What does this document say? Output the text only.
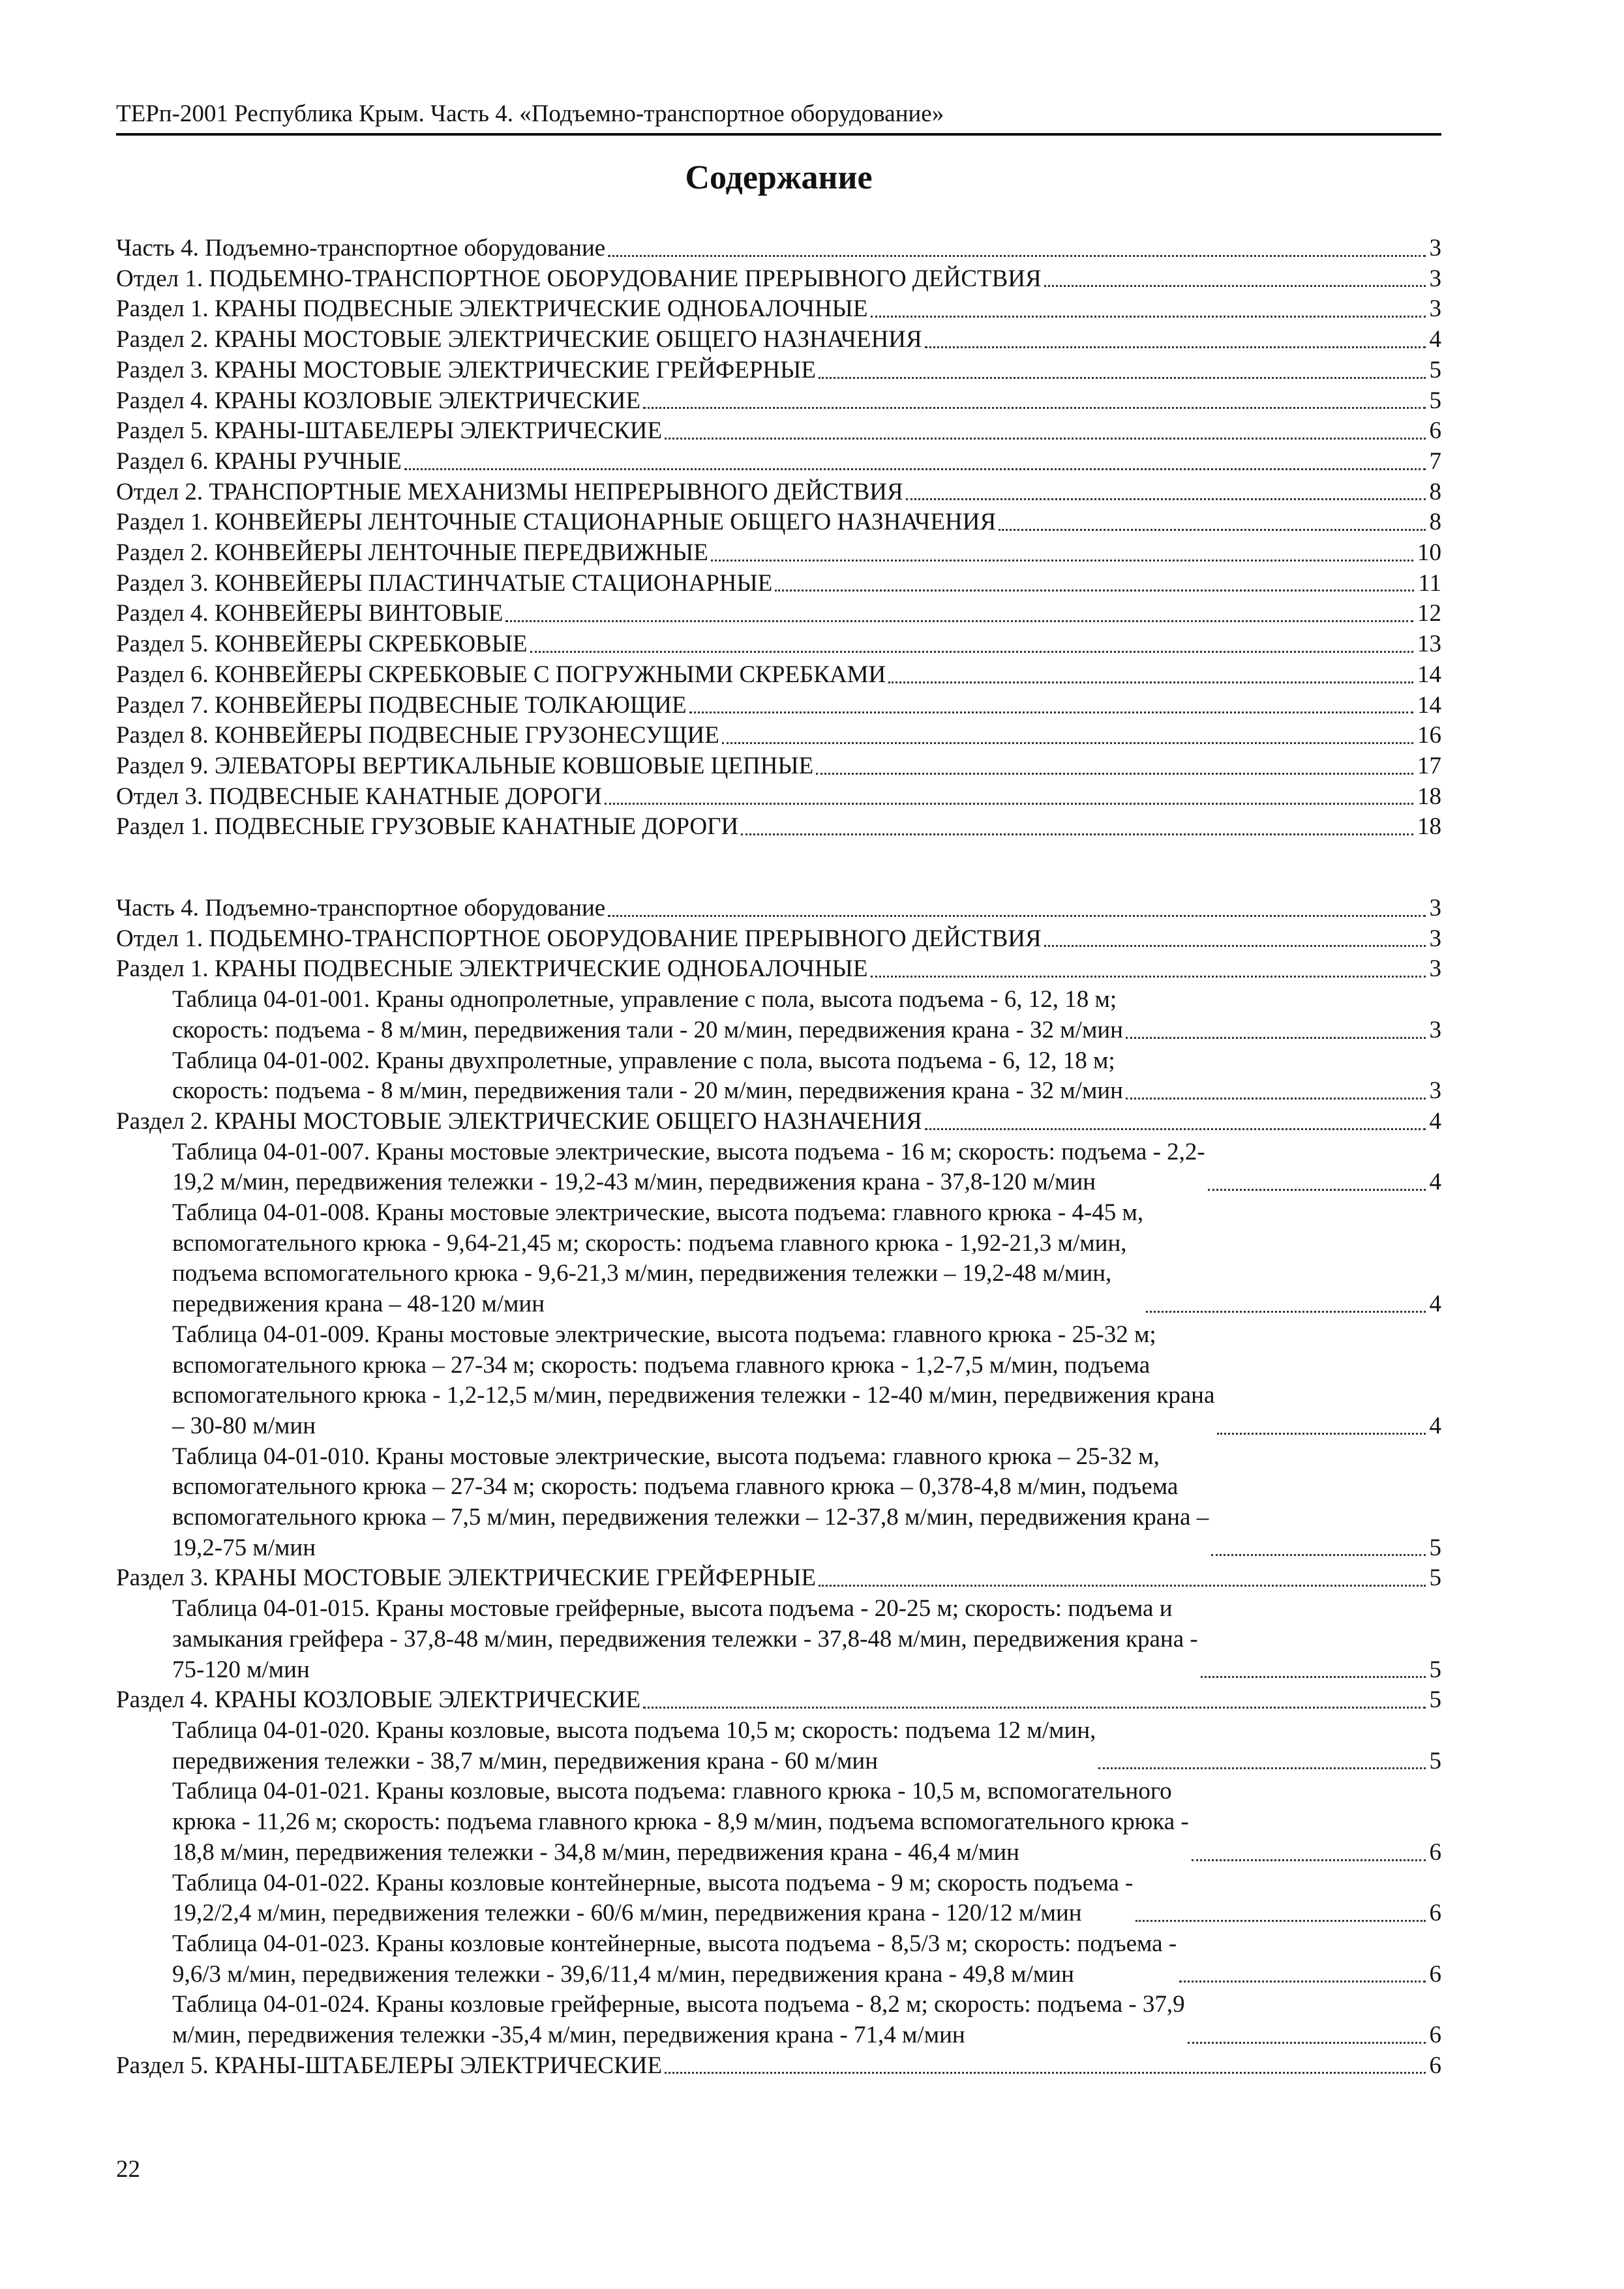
ТЕРп-2001 Республика Крым. Часть 4. «Подъемно-транспортное оборудование»
Содержание
Часть 4. Подъемно-транспортное оборудование	3
Отдел 1. ПОДЬЕМНО-ТРАНСПОРТНОЕ ОБОРУДОВАНИЕ ПРЕРЫВНОГО ДЕЙСТВИЯ	3
Раздел 1. КРАНЫ ПОДВЕСНЫЕ ЭЛЕКТРИЧЕСКИЕ ОДНОБАЛОЧНЫЕ	3
Раздел 2. КРАНЫ МОСТОВЫЕ ЭЛЕКТРИЧЕСКИЕ ОБЩЕГО НАЗНАЧЕНИЯ	4
Раздел 3. КРАНЫ МОСТОВЫЕ ЭЛЕКТРИЧЕСКИЕ ГРЕЙФЕРНЫЕ	5
Раздел 4. КРАНЫ КОЗЛОВЫЕ ЭЛЕКТРИЧЕСКИЕ	5
Раздел 5. КРАНЫ-ШТАБЕЛЕРЫ ЭЛЕКТРИЧЕСКИЕ	6
Раздел 6. КРАНЫ РУЧНЫЕ	7
Отдел 2. ТРАНСПОРТНЫЕ МЕХАНИЗМЫ НЕПРЕРЫВНОГО ДЕЙСТВИЯ	8
Раздел 1. КОНВЕЙЕРЫ ЛЕНТОЧНЫЕ СТАЦИОНАРНЫЕ ОБЩЕГО НАЗНАЧЕНИЯ	8
Раздел 2. КОНВЕЙЕРЫ ЛЕНТОЧНЫЕ ПЕРЕДВИЖНЫЕ	10
Раздел 3. КОНВЕЙЕРЫ ПЛАСТИНЧАТЫЕ СТАЦИОНАРНЫЕ	11
Раздел 4. КОНВЕЙЕРЫ ВИНТОВЫЕ	12
Раздел 5. КОНВЕЙЕРЫ СКРЕБКОВЫЕ	13
Раздел 6. КОНВЕЙЕРЫ СКРЕБКОВЫЕ С ПОГРУЖНЫМИ СКРЕБКАМИ	14
Раздел 7. КОНВЕЙЕРЫ ПОДВЕСНЫЕ ТОЛКАЮЩИЕ	14
Раздел 8. КОНВЕЙЕРЫ ПОДВЕСНЫЕ ГРУЗОНЕСУЩИЕ	16
Раздел 9. ЭЛЕВАТОРЫ ВЕРТИКАЛЬНЫЕ КОВШОВЫЕ ЦЕПНЫЕ	17
Отдел 3. ПОДВЕСНЫЕ КАНАТНЫЕ ДОРОГИ	18
Раздел 1. ПОДВЕСНЫЕ ГРУЗОВЫЕ КАНАТНЫЕ ДОРОГИ	18
Часть 4. Подъемно-транспортное оборудование	3
Отдел 1. ПОДЬЕМНО-ТРАНСПОРТНОЕ ОБОРУДОВАНИЕ ПРЕРЫВНОГО ДЕЙСТВИЯ	3
Раздел 1. КРАНЫ ПОДВЕСНЫЕ ЭЛЕКТРИЧЕСКИЕ ОДНОБАЛОЧНЫЕ	3
Таблица 04-01-001. Краны однопролетные, управление с пола, высота подъема - 6, 12, 18 м;
скорость: подъема - 8 м/мин, передвижения тали - 20 м/мин, передвижения крана - 32 м/мин	3
Таблица 04-01-002. Краны двухпролетные, управление с пола, высота подъема - 6, 12, 18 м;
скорость: подъема - 8 м/мин, передвижения тали - 20 м/мин, передвижения крана - 32 м/мин	3
Раздел 2. КРАНЫ МОСТОВЫЕ ЭЛЕКТРИЧЕСКИЕ ОБЩЕГО НАЗНАЧЕНИЯ	4
Таблица 04-01-007. Краны мостовые электрические, высота подъема - 16 м; скорость: подъема - 2,2-
19,2 м/мин, передвижения тележки - 19,2-43 м/мин, передвижения крана - 37,8-120 м/мин	4
Таблица 04-01-008. Краны мостовые электрические, высота подъема: главного крюка - 4-45 м,
вспомогательного крюка - 9,64-21,45 м; скорость: подъема главного крюка - 1,92-21,3 м/мин,
подъема вспомогательного крюка - 9,6-21,3 м/мин, передвижения тележки – 19,2-48 м/мин,
передвижения крана – 48-120 м/мин	4
Таблица 04-01-009. Краны мостовые электрические, высота подъема: главного крюка - 25-32 м;
вспомогательного крюка – 27-34 м; скорость: подъема главного крюка - 1,2-7,5 м/мин, подъема
вспомогательного крюка - 1,2-12,5 м/мин, передвижения тележки - 12-40 м/мин, передвижения крана
– 30-80 м/мин	4
Таблица 04-01-010. Краны мостовые электрические, высота подъема: главного крюка – 25-32 м,
вспомогательного крюка – 27-34 м; скорость: подъема главного крюка – 0,378-4,8 м/мин, подъема
вспомогательного крюка – 7,5 м/мин, передвижения тележки – 12-37,8 м/мин, передвижения крана –
19,2-75 м/мин	5
Раздел 3. КРАНЫ МОСТОВЫЕ ЭЛЕКТРИЧЕСКИЕ ГРЕЙФЕРНЫЕ	5
Таблица 04-01-015. Краны мостовые грейферные, высота подъема - 20-25 м; скорость: подъема и
замыкания грейфера - 37,8-48 м/мин, передвижения тележки - 37,8-48 м/мин, передвижения крана -
75-120 м/мин	5
Раздел 4. КРАНЫ КОЗЛОВЫЕ ЭЛЕКТРИЧЕСКИЕ	5
Таблица 04-01-020. Краны козловые, высота подъема 10,5 м; скорость: подъема 12 м/мин,
передвижения тележки - 38,7 м/мин, передвижения крана - 60 м/мин	5
Таблица 04-01-021. Краны козловые, высота подъема: главного крюка - 10,5 м, вспомогательного
крюка - 11,26 м; скорость: подъема главного крюка - 8,9 м/мин, подъема вспомогательного крюка -
18,8 м/мин, передвижения тележки - 34,8 м/мин, передвижения крана - 46,4 м/мин	6
Таблица 04-01-022. Краны козловые контейнерные, высота подъема - 9 м; скорость подъема -
19,2/2,4 м/мин, передвижения тележки - 60/6 м/мин, передвижения крана - 120/12 м/мин	6
Таблица 04-01-023. Краны козловые контейнерные, высота подъема - 8,5/3 м; скорость: подъема -
9,6/3 м/мин, передвижения тележки - 39,6/11,4 м/мин, передвижения крана - 49,8 м/мин	6
Таблица 04-01-024. Краны козловые грейферные, высота подъема - 8,2 м; скорость: подъема - 37,9
м/мин, передвижения тележки -35,4 м/мин, передвижения крана - 71,4 м/мин	6
Раздел 5. КРАНЫ-ШТАБЕЛЕРЫ ЭЛЕКТРИЧЕСКИЕ	6
22
